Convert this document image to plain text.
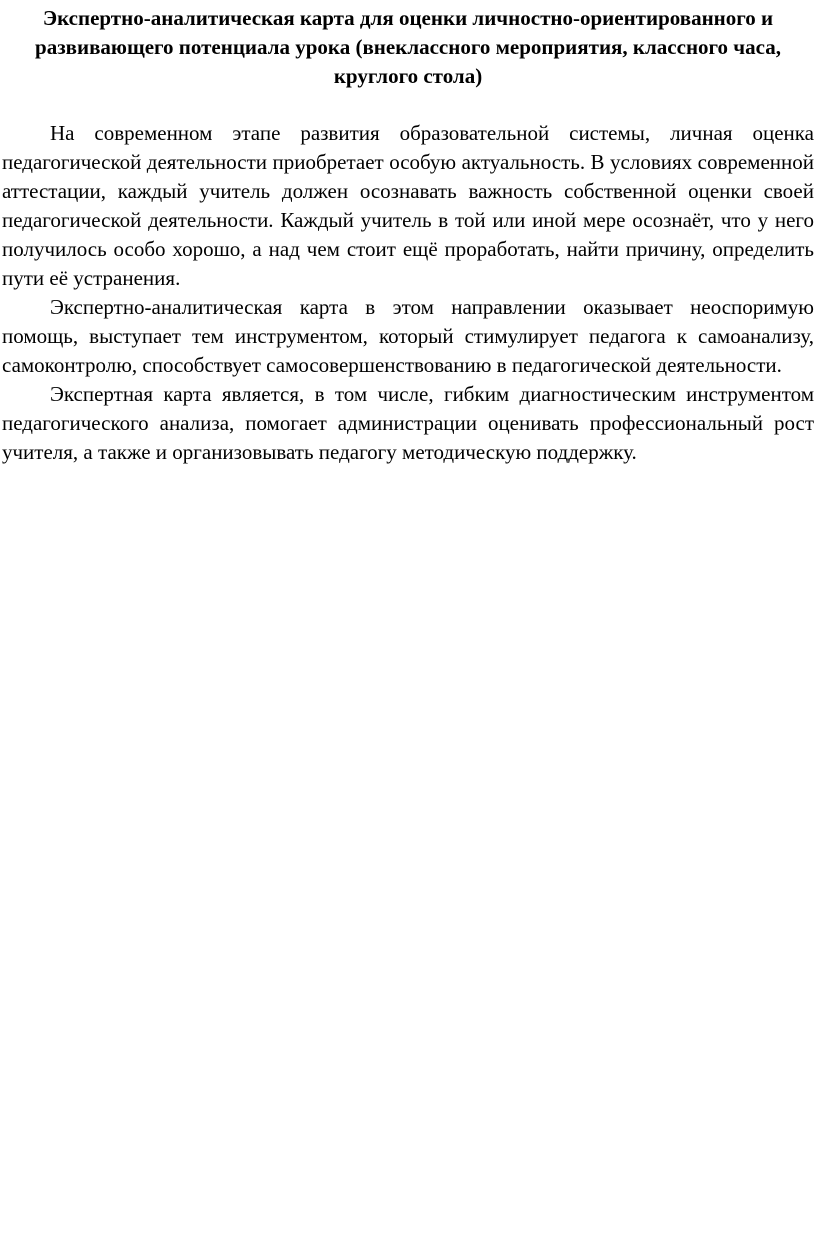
Экспертно-аналитическая карта для оценки личностно-ориентированного и развивающего потенциала урока (внеклассного мероприятия, классного часа, круглого стола)

На современном этапе развития образовательной системы, личная оценка педагогической деятельности приобретает особую актуальность. В условиях современной аттестации, каждый учитель должен осознавать важность собственной оценки своей педагогической деятельности. Каждый учитель в той или иной мере осознаёт, что у него получилось особо хорошо, а над чем стоит ещё проработать, найти причину, определить пути её устранения.

Экспертно-аналитическая карта в этом направлении оказывает неоспоримую помощь, выступает тем инструментом, который стимулирует педагога к самоанализу, самоконтролю, способствует самосовершенствованию в педагогической деятельности.

Экспертная карта является, в том числе, гибким диагностическим инструментом педагогического анализа, помогает администрации оценивать профессиональный рост учителя, а также и организовывать педагогу методическую поддержку.
